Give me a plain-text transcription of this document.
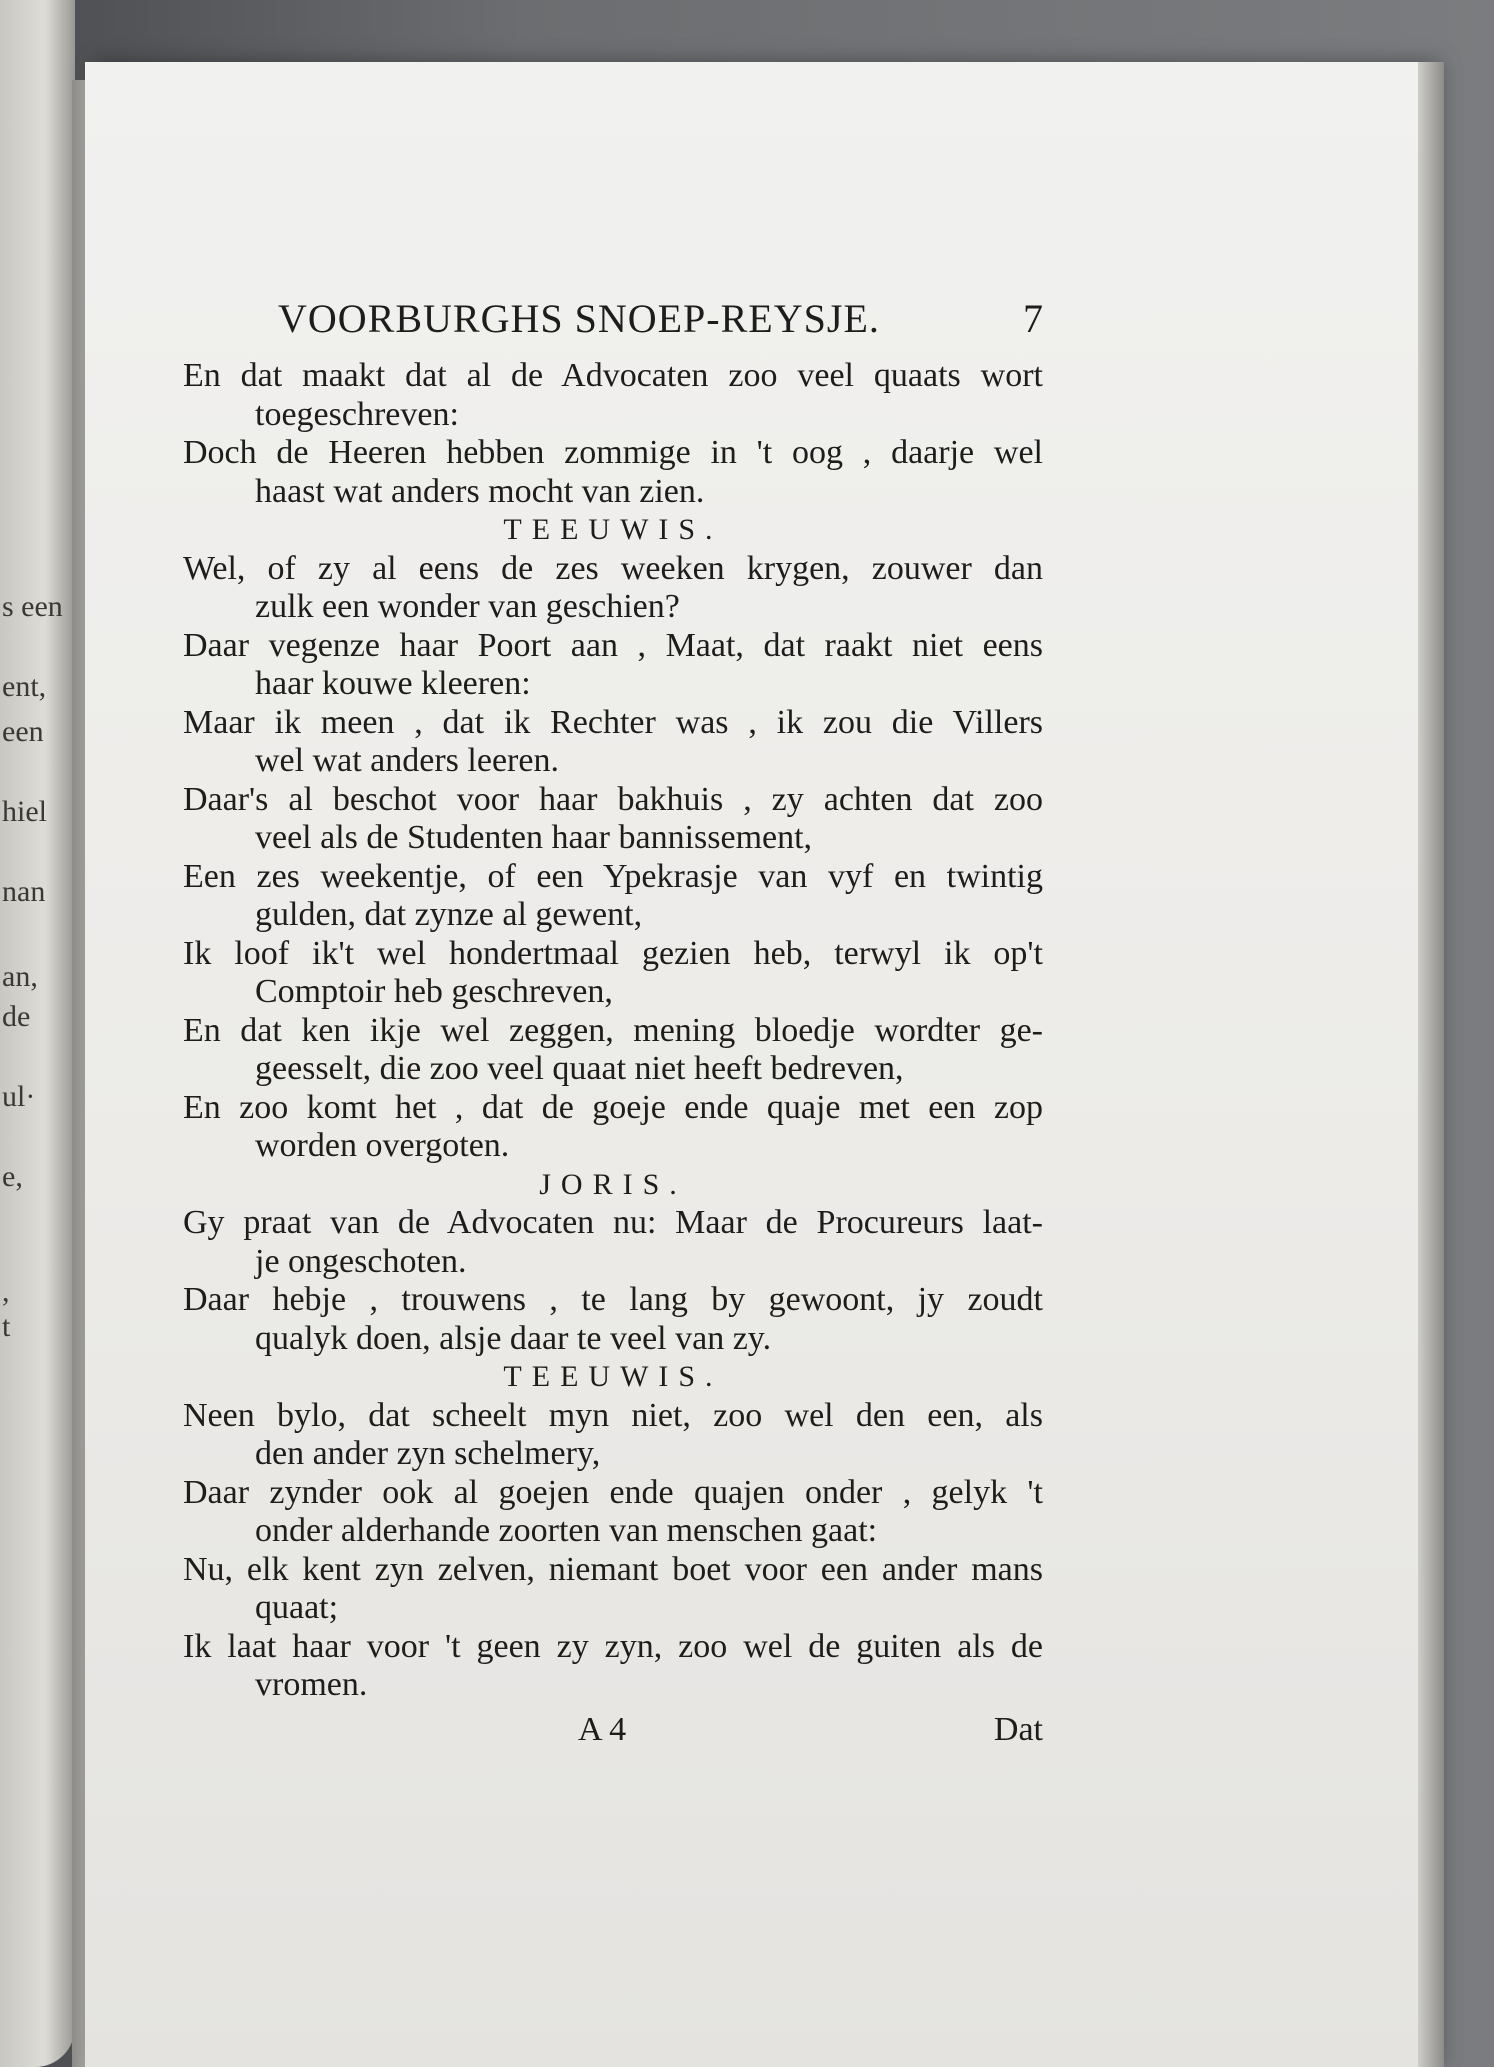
s een
ent,
een
hiel
nan
an,
de
ul·
e,
,
t
VOORBURGHS SNOEP-REYSJE.	7
En dat maakt dat al de Advocaten zoo veel quaats wort
toegeschreven:
Doch de Heeren hebben zommige in 't oog , daarje wel
haast wat anders mocht van zien.
TEEUWIS.
Wel, of zy al eens de zes weeken krygen, zouwer dan
zulk een wonder van geschien?
Daar vegenze haar Poort aan , Maat, dat raakt niet eens
haar kouwe kleeren:
Maar ik meen , dat ik Rechter was , ik zou die Villers
wel wat anders leeren.
Daar's al beschot voor haar bakhuis , zy achten dat zoo
veel als de Studenten haar bannissement,
Een zes weekentje, of een Ypekrasje van vyf en twintig
gulden, dat zynze al gewent,
Ik loof ik't wel hondertmaal gezien heb, terwyl ik op't
Comptoir heb geschreven,
En dat ken ikje wel zeggen, mening bloedje wordter ge-
geesselt, die zoo veel quaat niet heeft bedreven,
En zoo komt het , dat de goeje ende quaje met een zop
worden overgoten.
JORIS.
Gy praat van de Advocaten nu: Maar de Procureurs laat-
je ongeschoten.
Daar hebje , trouwens , te lang by gewoont, jy zoudt
qualyk doen, alsje daar te veel van zy.
TEEUWIS.
Neen bylo, dat scheelt myn niet, zoo wel den een, als
den ander zyn schelmery,
Daar zynder ook al goejen ende quajen onder , gelyk 't
onder alderhande zoorten van menschen gaat:
Nu, elk kent zyn zelven, niemant boet voor een ander mans
quaat;
Ik laat haar voor 't geen zy zyn, zoo wel de guiten als de
vromen.
A 4	Dat
